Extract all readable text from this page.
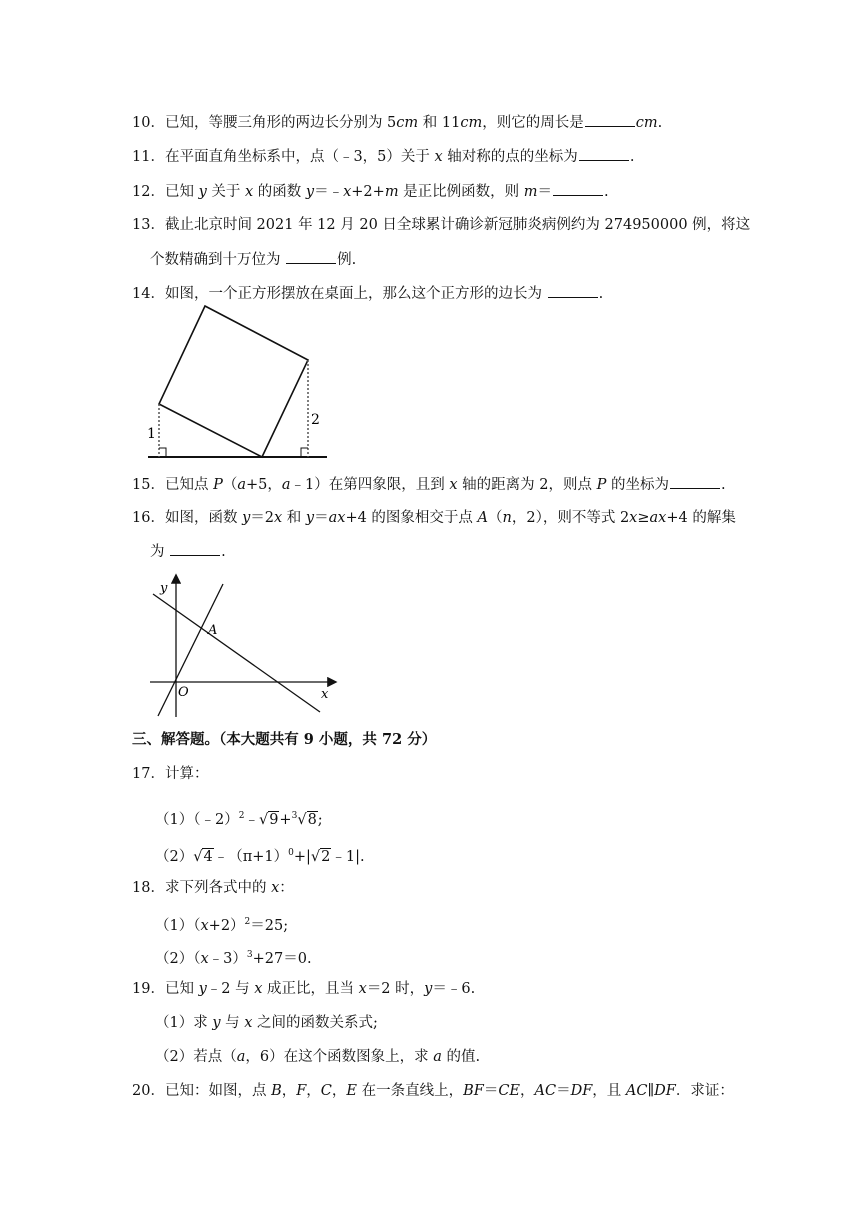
10．已知，等腰三角形的两边长分别为 5cm 和 11cm，则它的周长是	cm.
11．在平面直角坐标系中，点（﹣3，5）关于 x 轴对称的点的坐标为	.
12．已知 y 关于 x 的函数 y＝﹣x+2+m 是正比例函数，则 m＝	.
13．截止北京时间 2021 年 12 月 20 日全球累计确诊新冠肺炎病例约为 274950000 例，将这
个数精确到十万位为	例.
14．如图，一个正方形摆放在桌面上，那么这个正方形的边长为	.
1
2
15．已知点 P（a+5，a﹣1）在第四象限，且到 x 轴的距离为 2，则点 P 的坐标为	.
16．如图，函数 y＝2x 和 y＝ax+4 的图象相交于点 A（n，2），则不等式 2x≥ax+4 的解集
为	.
y
x
O
A
三、解答题。（本大题共有 9 小题，共 72 分）
17．计算：
（1）（﹣2）$^2$﹣√9+$^3$√8;
$(2)√4﹣(\pi+1)^0+|√2﹣1|$.
18．求下列各式中的 x：
$(1)(x+2)^2=25$;
（2）（x﹣3）$^3$+27＝0.
19．已知 y﹣2 与 x 成正比，且当 x＝2 时，y＝﹣6.
（1）求 y 与 x 之间的函数关系式;
（2）若点（a，6）在这个函数图象上，求 a 的值.
20．已知：如图，点 B，F，C，E 在一条直线上，BF＝CE，AC＝DF，且 AC∥DF．求证：
